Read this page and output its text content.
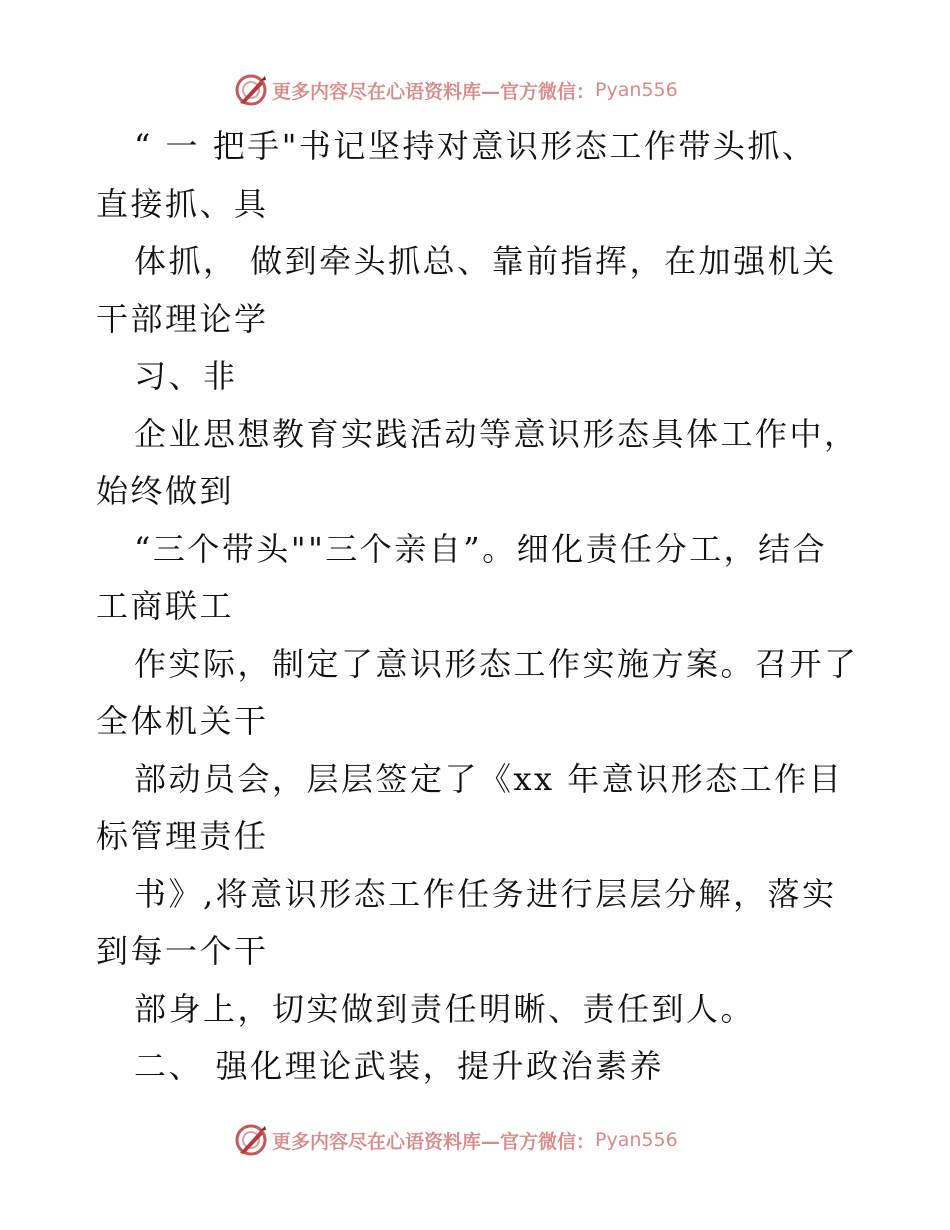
更多内容尽在心语资料库—官方微信： Pyan556
“ 一 把手"书记坚持对意识形态工作带头抓、
直接抓、具
体抓， 做到牵头抓总、靠前指挥，在加强机关
干部理论学
习、非
企业思想教育实践活动等意识形态具体工作中，
始终做到
“三个带头""三个亲自”。细化责任分工，结合
工商联工
作实际，制定了意识形态工作实施方案。召开了
全体机关干
部动员会，层层签定了《xx 年意识形态工作目
标管理责任
书》,将意识形态工作任务进行层层分解，落实
到每一个干
部身上，切实做到责任明晰、责任到人。
二、 强化理论武装，提升政治素养
更多内容尽在心语资料库—官方微信： Pyan556
